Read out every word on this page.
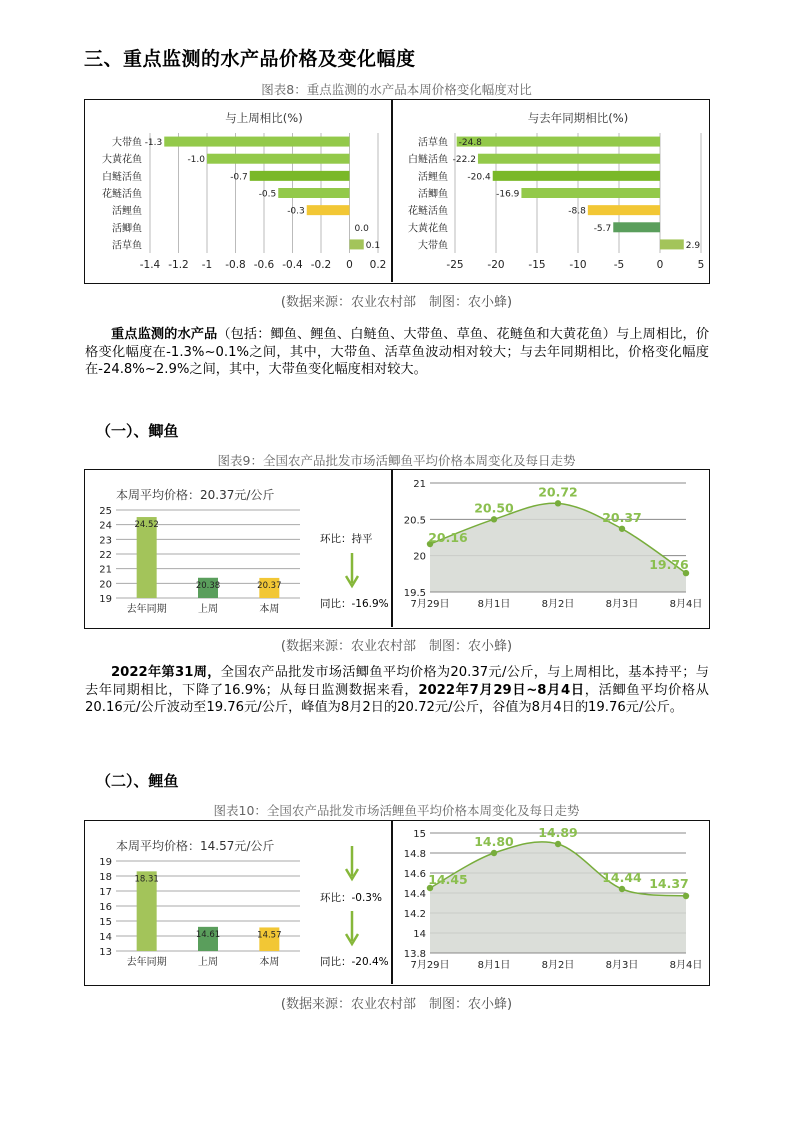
三、重点监测的水产品价格及变化幅度
图表8：重点监测的水产品本周价格变化幅度对比
与上周相比(%)
-1.4 -1.2 -1 -0.8 -0.6 -0.4 -0.2 0 0.2
大带鱼 -1.3
大黄花鱼	-1.0
白鲢活鱼	-0.7
花鲢活鱼	-0.5
活鲤鱼	-0.3
活鲫鱼	0.0
活草鱼	0.1
与去年同期相比(%)
-25 -20 -15 -10	-5	0	5
活草鱼 -24.8
白鲢活鱼 -22.2
活鲤鱼 -20.4
活鲫鱼	-16.9
花鲢活鱼	-8.8
大黄花鱼	-5.7
大带鱼	2.9
(数据来源：农业农村部　制图：农小蜂)
重点监测的水产品（包括：鲫鱼、鲤鱼、白鲢鱼、大带鱼、草鱼、花鲢鱼和大黄花鱼）与上周相比，价格变化幅度在-1.3%~0.1%之间，其中，大带鱼、活草鱼波动相对较大；与去年同期相比，价格变化幅度在-24.8%~2.9%之间，其中，大带鱼变化幅度相对较大。
（一）、鲫鱼
图表9：全国农产品批发市场活鲫鱼平均价格本周变化及每日走势
本周平均价格：20.37元/公斤
19
20
21
22
23
24
25
24.52
去年同期
20.38
上周
20.37
本周
环比：持平
同比：-16.9%
19.5
20
20.5
21
20.16
7月29日
20.50
8月1日
20.72
8月2日
20.37
8月3日
19.76
8月4日
(数据来源：农业农村部　制图：农小蜂)
2022年第31周，全国农产品批发市场活鲫鱼平均价格为20.37元/公斤，与上周相比，基本持平；与去年同期相比，下降了16.9%；从每日监测数据来看，2022年7月29日~8月4日，活鲫鱼平均价格从20.16元/公斤波动至19.76元/公斤，峰值为8月2日的20.72元/公斤，谷值为8月4日的19.76元/公斤。
（二）、鲤鱼
图表10：全国农产品批发市场活鲤鱼平均价格本周变化及每日走势
本周平均价格：14.57元/公斤
13
14
15
16
17
18
19
18.31
去年同期
14.61
上周
14.57
本周
环比：-0.3%
同比：-20.4%
13.8
14
14.2
14.4
14.6
14.8
15
14.45
7月29日
14.80
8月1日
14.89
8月2日
14.44
8月3日
14.37
8月4日
(数据来源：农业农村部　制图：农小蜂)
